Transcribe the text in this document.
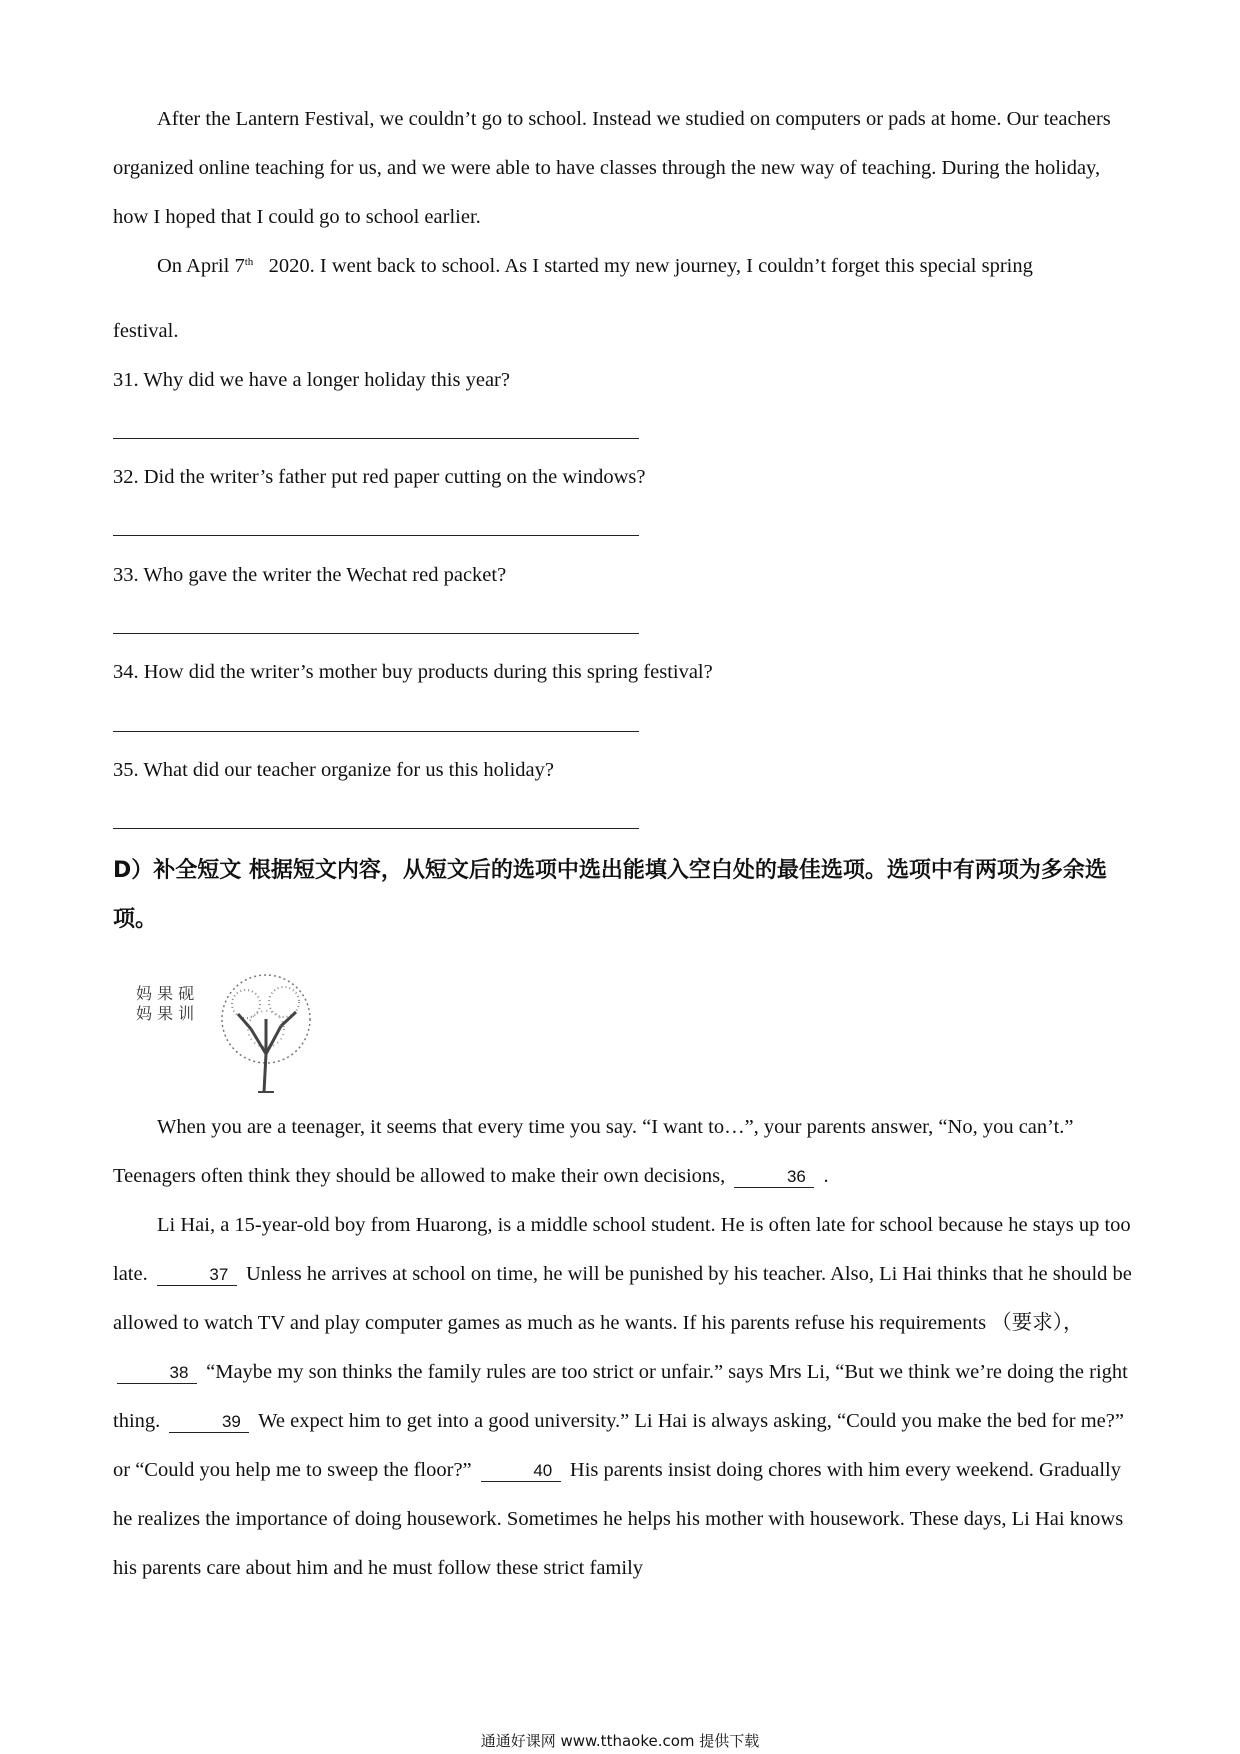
After the Lantern Festival, we couldn’t go to school. Instead we studied on computers or pads at home. Our teachers organized online teaching for us, and we were able to have classes through the new way of teaching. During the holiday, how I hoped that I could go to school earlier.

On April 7th   2020. I went back to school. As I started my new journey, I couldn’t forget this special spring

festival.

31. Why did we have a longer holiday this year?

32. Did the writer’s father put red paper cutting on the windows?

33. Who gave the writer the Wechat red packet?

34. How did the writer’s mother buy products during this spring festival?

35. What did our teacher organize for us this holiday?

D）补全短文 根据短文内容，从短文后的选项中选出能填入空白处的最佳选项。选项中有两项为多余选项。

妈 果 砚 妈 果 训

When you are a teenager, it seems that every time you say. “I want to…”, your parents answer, “No, you can’t.” Teenagers often think they should be allowed to make their own decisions,	36 .

Li Hai, a 15-year-old boy from Huarong, is a middle school student. He is often late for school because he stays up too late.	37 Unless he arrives at school on time, he will be punished by his teacher. Also, Li Hai thinks that he should be allowed to watch TV and play computer games as much as he wants. If his parents refuse his requirements （要求）， 38 “Maybe my son thinks the family rules are too strict or unfair.” says Mrs Li, “But we think we’re doing the right thing.	39 We expect him to get into a good university.” Li Hai is always asking, “Could you make the bed for me?” or “Could you help me to sweep the floor?”	40 His parents insist doing chores with him every weekend. Gradually he realizes the importance of doing housework. Sometimes he helps his mother with housework. These days, Li Hai knows his parents care about him and he must follow these strict family

通通好课网 www.tthaoke.com 提供下载
